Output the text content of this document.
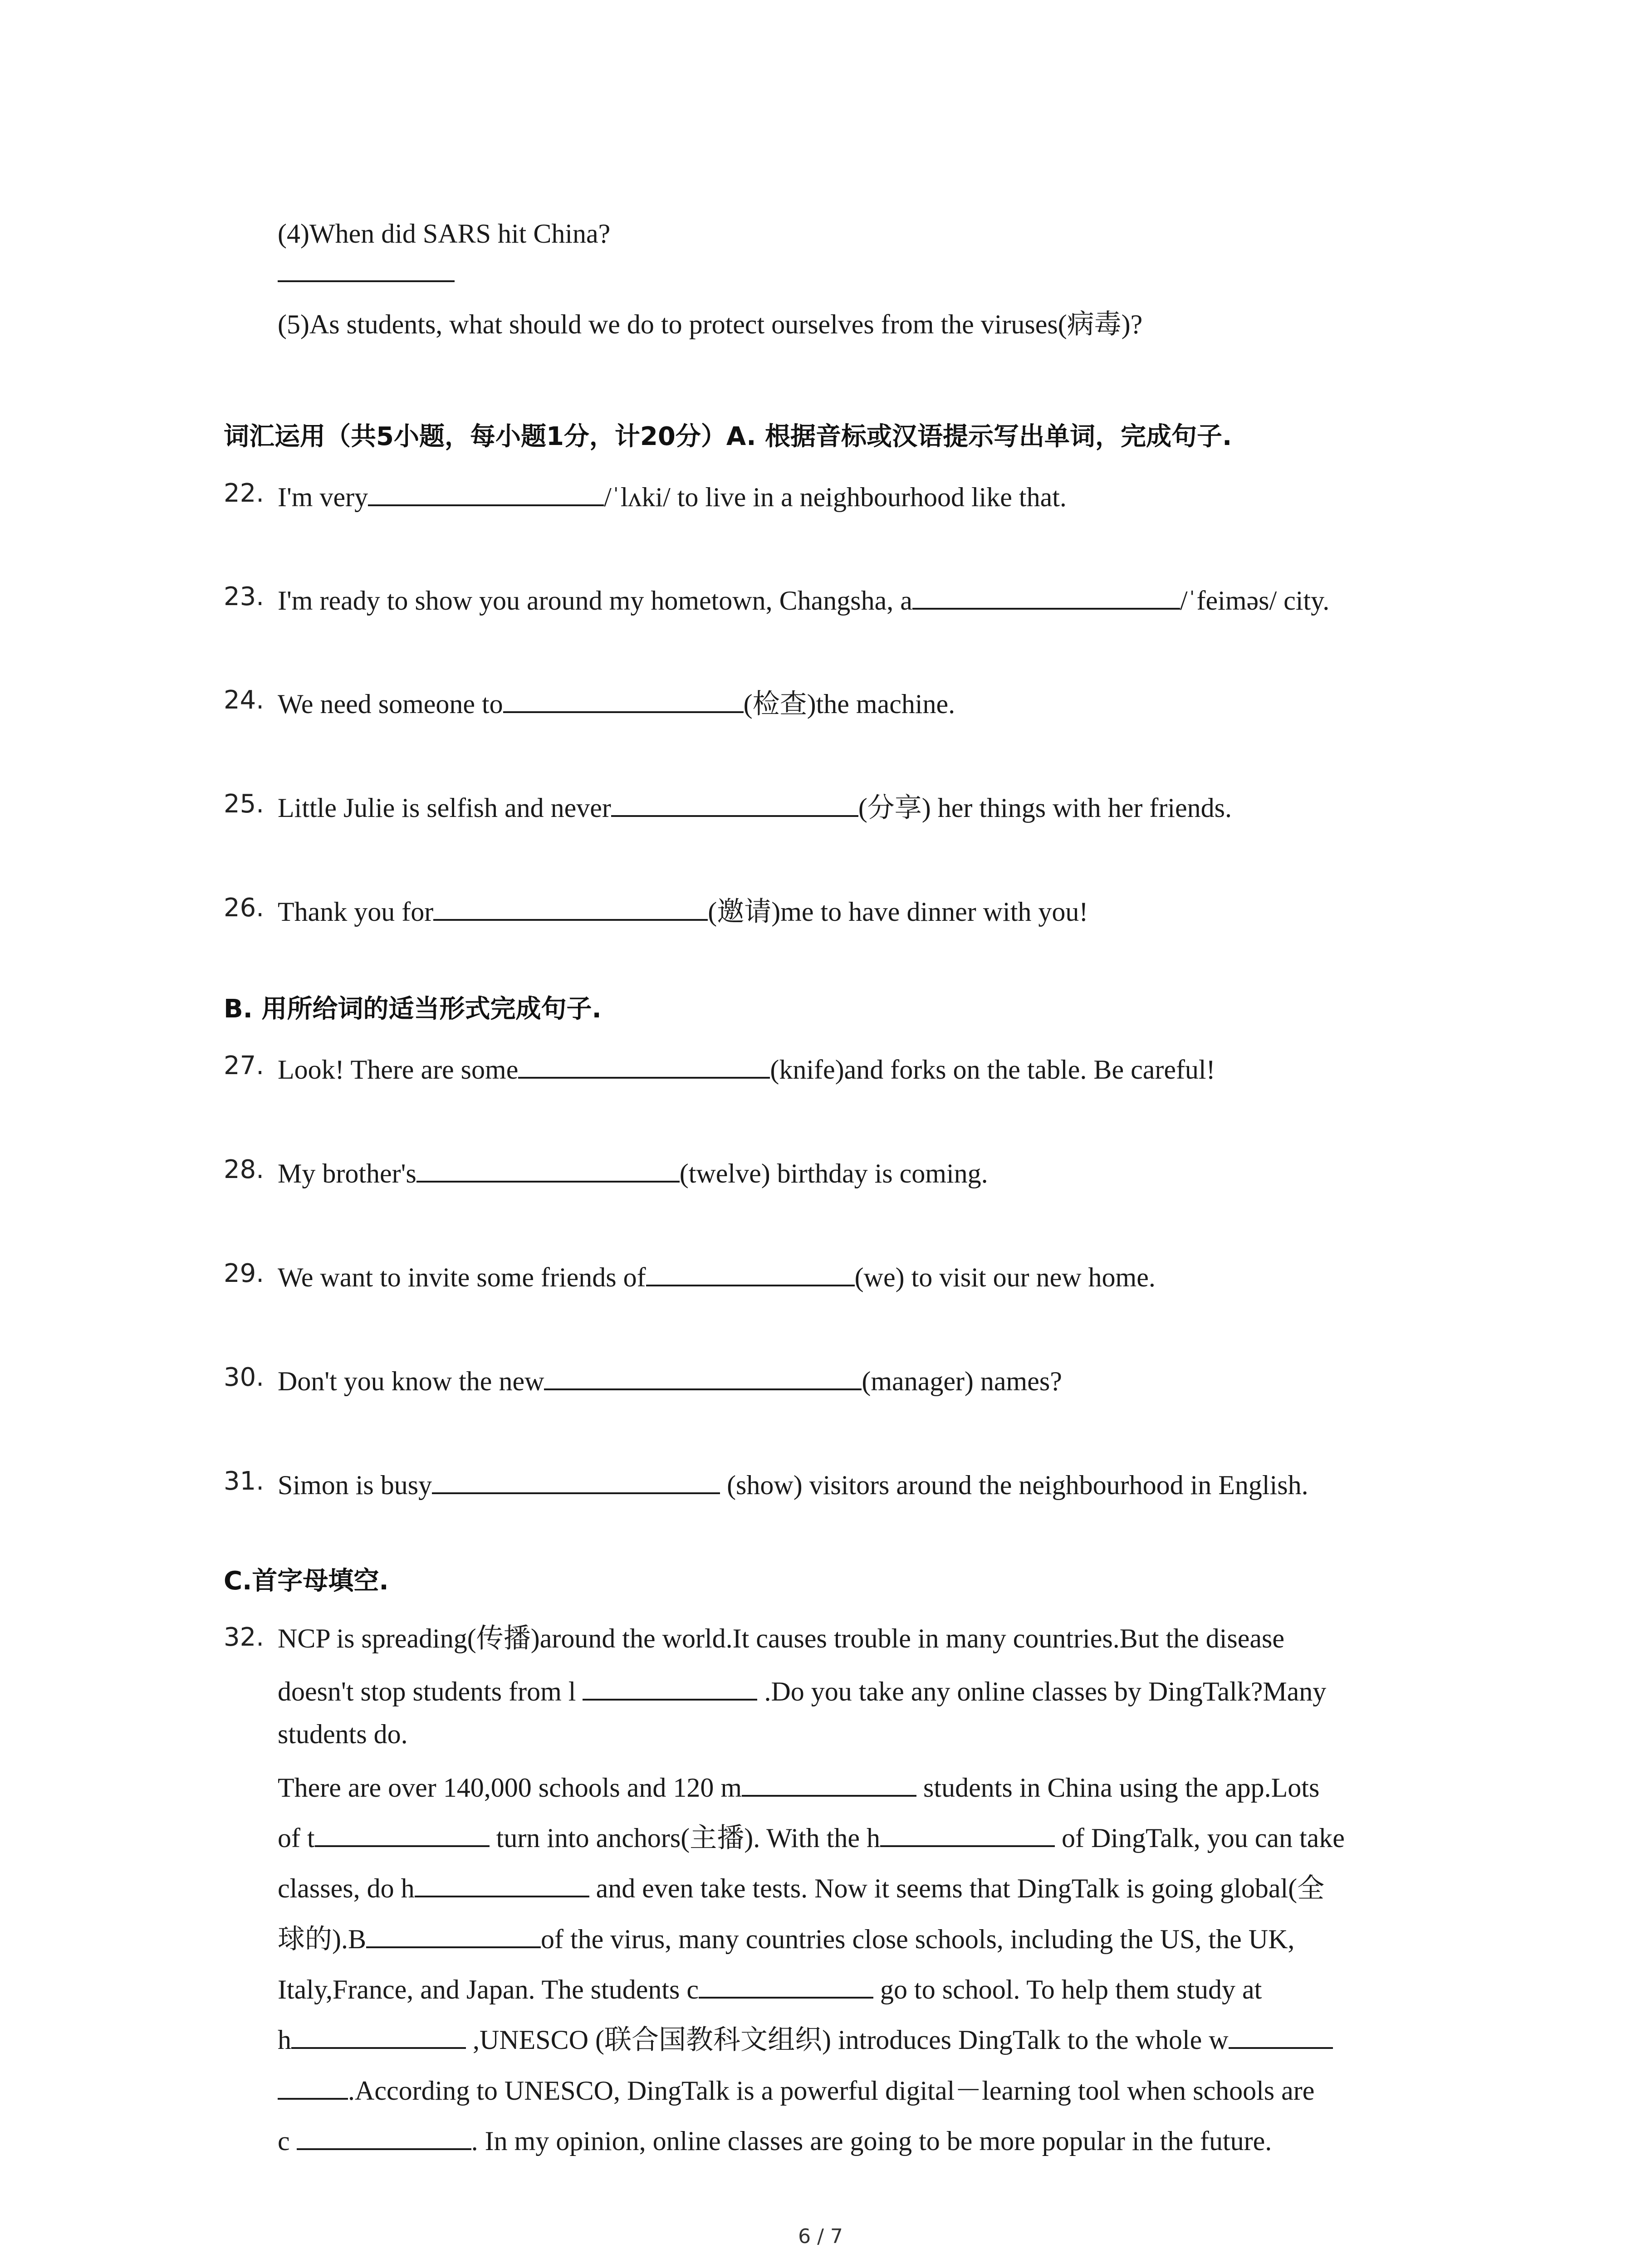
(4)When did SARS hit China?
(5)As students, what should we do to protect ourselves from the viruses(病毒)?
词汇运用（共5小题，每小题1分，计20分）A. 根据音标或汉语提示写出单词，完成句子.
22. I'm very	/ˈlʌki/ to live in a neighbourhood like that.
23. I'm ready to show you around my hometown, Changsha, a	/ˈfeiməs/ city.
24. We need someone to	(检查)the machine.
25. Little Julie is selfish and never	(分享) her things with her friends.
26. Thank you for	(邀请)me to have dinner with you!
B. 用所给词的适当形式完成句子.
27. Look! There are some	(knife)and forks on the table. Be careful!
28. My brother's	(twelve) birthday is coming.
29. We want to invite some friends of	(we) to visit our new home.
30. Don't you know the new	(manager) names?
31. Simon is busy	(show) visitors around the neighbourhood in English.
C.首字母填空.
32. NCP is spreading(传播)around the world.It causes trouble in many countries.But the disease
doesn't stop students from l	.Do you take any online classes by DingTalk?Many
students do.
There are over 140,000 schools and 120 m	students in China using the app.Lots
of t	turn into anchors(主播). With the h	of DingTalk, you can take
classes, do h	and even take tests. Now it seems that DingTalk is going global(全
球的).B	of the virus, many countries close schools, including the US, the UK,
Italy,France, and Japan. The students c	go to school. To help them study at
h	,UNESCO (联合国教科文组织) introduces DingTalk to the whole w
.According to UNESCO, DingTalk is a powerful digital－learning tool when schools are
c	. In my opinion, online classes are going to be more popular in the future.
6 / 7
